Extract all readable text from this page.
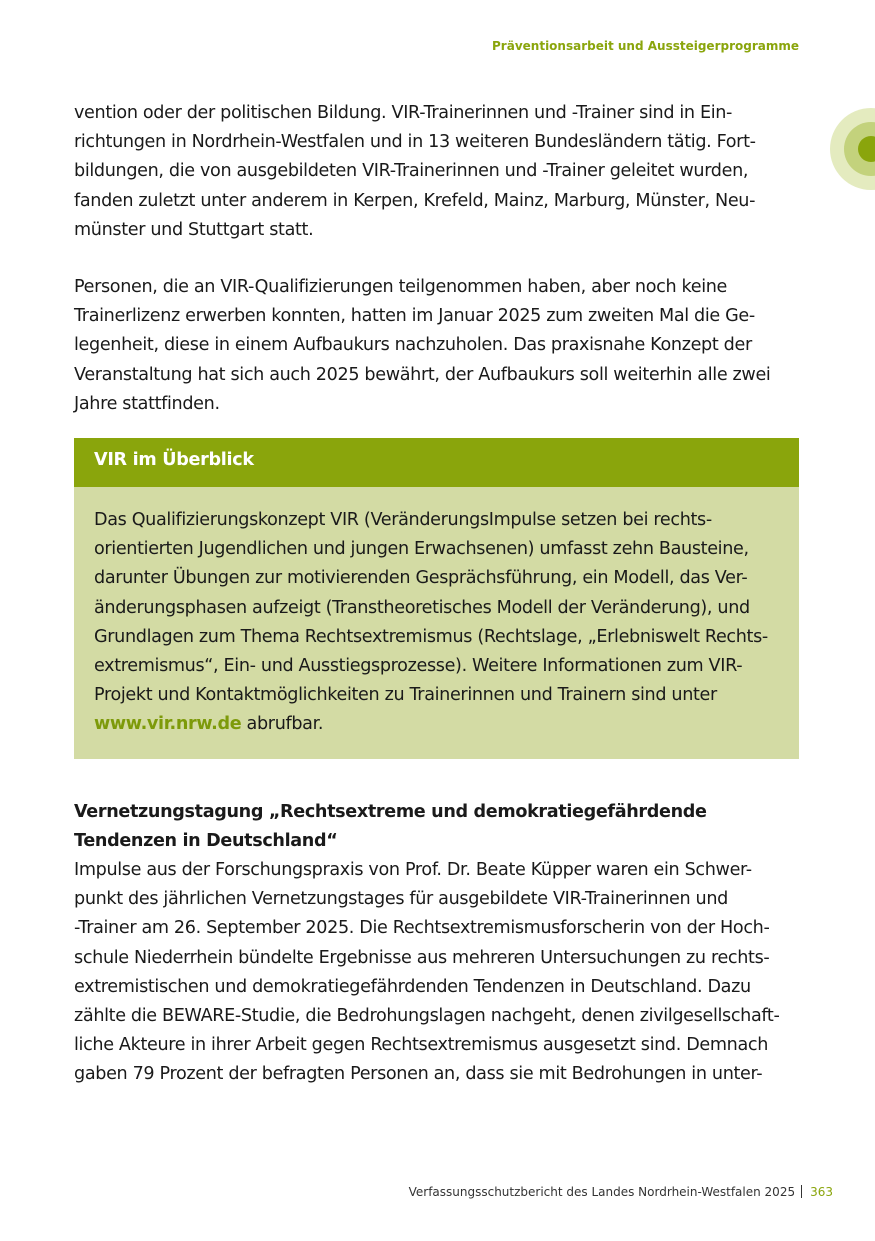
Präventionsarbeit und Aussteigerprogramme

vention oder der politischen Bildung. VIR-Trainerinnen und -Trainer sind in Ein-
richtungen in Nordrhein-Westfalen und in 13 weiteren Bundesländern tätig. Fort-
bildungen, die von ausgebildeten VIR-Trainerinnen und -Trainer geleitet wurden,
fanden zuletzt unter anderem in Kerpen, Krefeld, Mainz, Marburg, Münster, Neu-
münster und Stuttgart statt.

Personen, die an VIR-Qualifizierungen teilgenommen haben, aber noch keine
Trainerlizenz erwerben konnten, hatten im Januar 2025 zum zweiten Mal die Ge-
legenheit, diese in einem Aufbaukurs nachzuholen. Das praxisnahe Konzept der
Veranstaltung hat sich auch 2025 bewährt, der Aufbaukurs soll weiterhin alle zwei
Jahre stattfinden.

VIR im Überblick

Das Qualifizierungskonzept VIR (VeränderungsImpulse setzen bei rechts-
orientierten Jugendlichen und jungen Erwachsenen) umfasst zehn Bausteine,
darunter Übungen zur motivierenden Gesprächsführung, ein Modell, das Ver-
änderungsphasen aufzeigt (Transtheoretisches Modell der Veränderung), und
Grundlagen zum Thema Rechtsextremismus (Rechtslage, „Erlebniswelt Rechts-
extremismus“, Ein- und Ausstiegsprozesse). Weitere Informationen zum VIR-
Projekt und Kontaktmöglichkeiten zu Trainerinnen und Trainern sind unter
www.vir.nrw.de abrufbar.

Vernetzungstagung „Rechtsextreme und demokratiegefährdende
Tendenzen in Deutschland“

Impulse aus der Forschungspraxis von Prof. Dr. Beate Küpper waren ein Schwer-
punkt des jährlichen Vernetzungstages für ausgebildete VIR-Trainerinnen und
-Trainer am 26. September 2025. Die Rechtsextremismusforscherin von der Hoch-
schule Niederrhein bündelte Ergebnisse aus mehreren Untersuchungen zu rechts-
extremistischen und demokratiegefährdenden Tendenzen in Deutschland. Dazu
zählte die BEWARE-Studie, die Bedrohungslagen nachgeht, denen zivilgesellschaft-
liche Akteure in ihrer Arbeit gegen Rechtsextremismus ausgesetzt sind. Demnach
gaben 79 Prozent der befragten Personen an, dass sie mit Bedrohungen in unter-

Verfassungsschutzbericht des Landes Nordrhein-Westfalen 2025 363
